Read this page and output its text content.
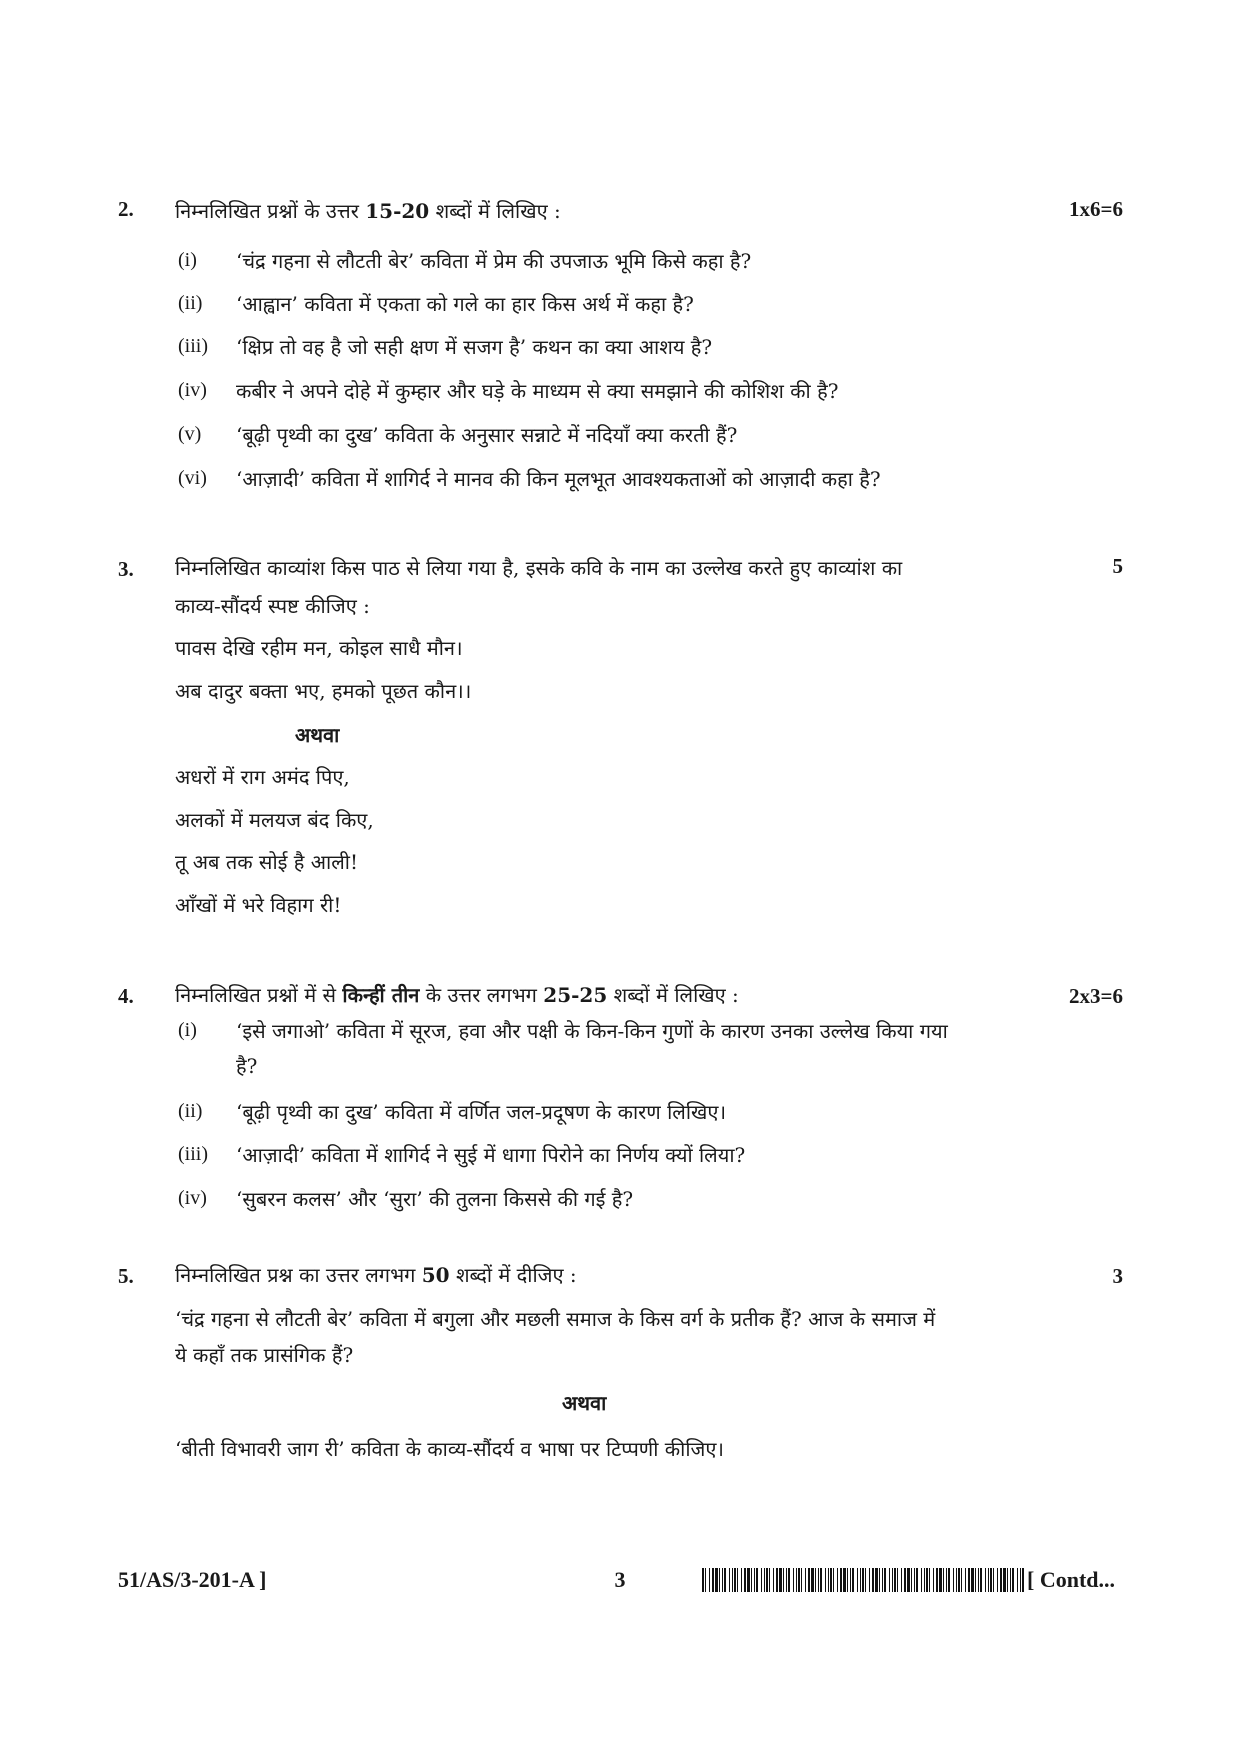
2. निम्नलिखित प्रश्नों के उत्तर 15-20 शब्दों में लिखिए :	1x6=6
(i) ‘चंद्र गहना से लौटती बेर’ कविता में प्रेम की उपजाऊ भूमि किसे कहा है?
(ii) ‘आह्वान’ कविता में एकता को गले का हार किस अर्थ में कहा है?
(iii) ‘क्षिप्र तो वह है जो सही क्षण में सजग है’ कथन का क्या आशय है?
(iv) कबीर ने अपने दोहे में कुम्हार और घड़े के माध्यम से क्या समझाने की कोशिश की है?
(v) ‘बूढ़ी पृथ्वी का दुख’ कविता के अनुसार सन्नाटे में नदियाँ क्या करती हैं?
(vi) ‘आज़ादी’ कविता में शागिर्द ने मानव की किन मूलभूत आवश्यकताओं को आज़ादी कहा है?
3. निम्नलिखित काव्यांश किस पाठ से लिया गया है, इसके कवि के नाम का उल्लेख करते हुए काव्यांश का
काव्य-सौंदर्य स्पष्ट कीजिए :
5
पावस देखि रहीम मन, कोइल साधै मौन।
अब दादुर बक्ता भए, हमको पूछत कौन।।
अथवा
अधरों में राग अमंद पिए,
अलकों में मलयज बंद किए,
तू अब तक सोई है आली!
आँखों में भरे विहाग री!
4. निम्नलिखित प्रश्नों में से किन्हीं तीन के उत्तर लगभग 25-25 शब्दों में लिखिए :	2x3=6
(i) ‘इसे जगाओ’ कविता में सूरज, हवा और पक्षी के किन-किन गुणों के कारण उनका उल्लेख किया गया
है?
(ii) ‘बूढ़ी पृथ्वी का दुख’ कविता में वर्णित जल-प्रदूषण के कारण लिखिए।
(iii) ‘आज़ादी’ कविता में शागिर्द ने सुई में धागा पिरोने का निर्णय क्यों लिया?
(iv) ‘सुबरन कलस’ और ‘सुरा’ की तुलना किससे की गई है?
5. निम्नलिखित प्रश्न का उत्तर लगभग 50 शब्दों में दीजिए :	3
‘चंद्र गहना से लौटती बेर’ कविता में बगुला और मछली समाज के किस वर्ग के प्रतीक हैं? आज के समाज में
ये कहाँ तक प्रासंगिक हैं?
अथवा
‘बीती विभावरी जाग री’ कविता के काव्य-सौंदर्य व भाषा पर टिप्पणी कीजिए।
51/AS/3-201-A ]	3	[ Contd...
